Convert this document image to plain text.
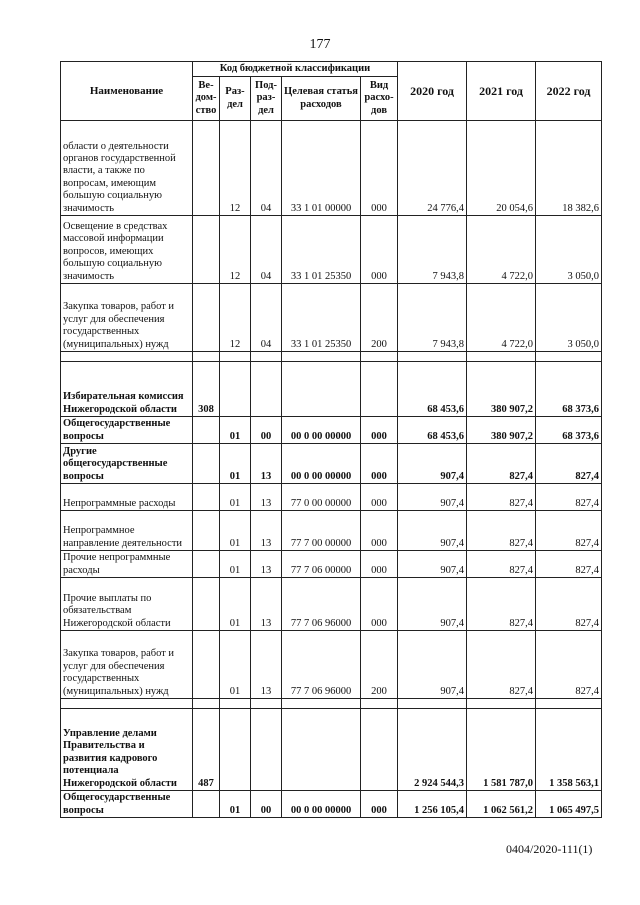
177
Наименование	Код бюджетной классификации					2020 год	2021 год	2022 год
	Ве-дом-ство	Раз-дел	Под-раз-дел	Целевая статья расходов	Вид расхо-дов			
области о деятельности органов государственной власти, а также по вопросам, имеющим большую социальную значимость		12	04	33 1 01 00000	000	24 776,4	20 054,6	18 382,6
Освещение в средствах массовой информации вопросов, имеющих большую социальную значимость		12	04	33 1 01 25350	000	7 943,8	4 722,0	3 050,0
Закупка товаров, работ и услуг для обеспечения государственных (муниципальных) нужд		12	04	33 1 01 25350	200	7 943,8	4 722,0	3 050,0

Избирательная комиссия Нижегородской области	308					68 453,6	380 907,2	68 373,6
Общегосударственные вопросы		01	00	00 0 00 00000	000	68 453,6	380 907,2	68 373,6
Другие общегосударственные вопросы		01	13	00 0 00 00000	000	907,4	827,4	827,4
Непрограммные расходы		01	13	77 0 00 00000	000	907,4	827,4	827,4
Непрограммное направление деятельности		01	13	77 7 00 00000	000	907,4	827,4	827,4
Прочие непрограммные расходы		01	13	77 7 06 00000	000	907,4	827,4	827,4
Прочие выплаты по обязательствам Нижегородской области		01	13	77 7 06 96000	000	907,4	827,4	827,4
Закупка товаров, работ и услуг для обеспечения государственных (муниципальных) нужд		01	13	77 7 06 96000	200	907,4	827,4	827,4

Управление делами Правительства и развития кадрового потенциала Нижегородской области	487					2 924 544,3	1 581 787,0	1 358 563,1
Общегосударственные вопросы		01	00	00 0 00 00000	000	1 256 105,4	1 062 561,2	1 065 497,5
0404/2020-111(1)
